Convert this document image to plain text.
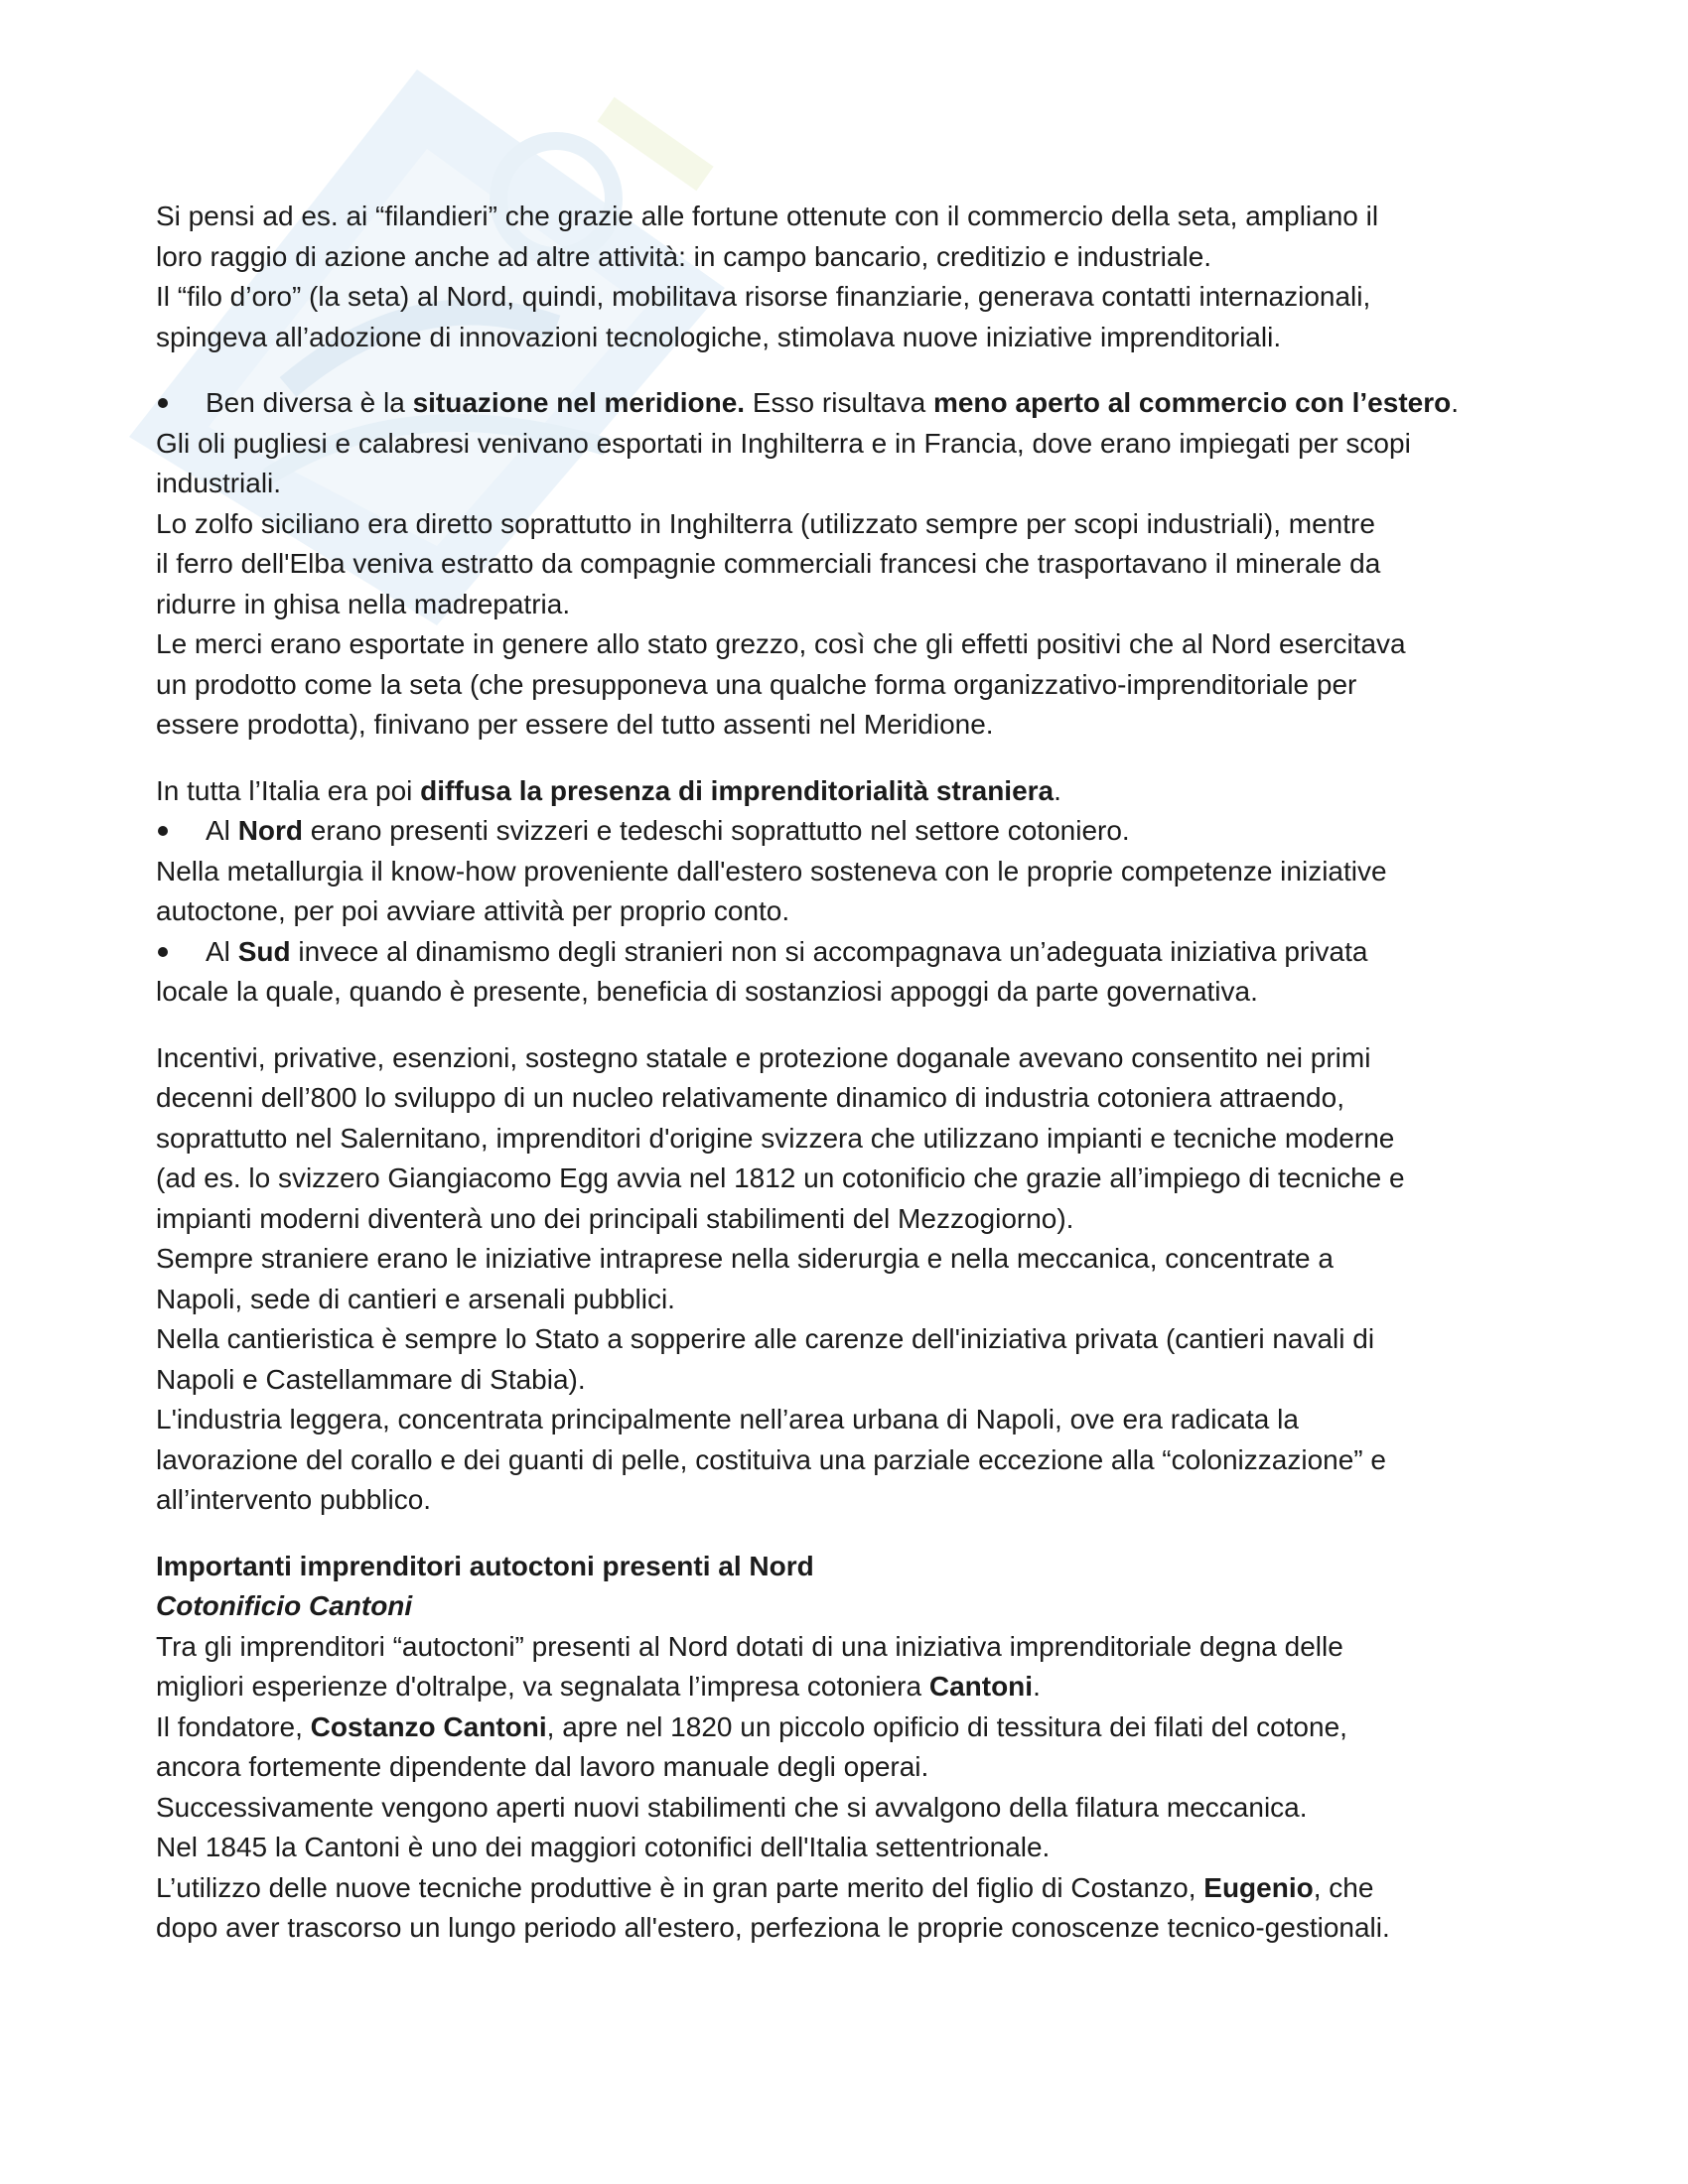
Si pensi ad es. ai “filandieri” che grazie alle fortune ottenute con il commercio della seta, ampliano il

loro raggio di azione anche ad altre attività: in campo bancario, creditizio e industriale.

Il “filo d’oro” (la seta) al Nord, quindi, mobilitava risorse finanziarie, generava contatti internazionali,

spingeva all’adozione di innovazioni tecnologiche, stimolava nuove iniziative imprenditoriali.

Ben diversa è la situazione nel meridione. Esso risultava meno aperto al commercio con l’estero.

Gli oli pugliesi e calabresi venivano esportati in Inghilterra e in Francia, dove erano impiegati per scopi

industriali.

Lo zolfo siciliano era diretto soprattutto in Inghilterra (utilizzato sempre per scopi industriali), mentre

il ferro dell'Elba veniva estratto da compagnie commerciali francesi che trasportavano il minerale da

ridurre in ghisa nella madrepatria.

Le merci erano esportate in genere allo stato grezzo, così che gli effetti positivi che al Nord esercitava

un prodotto come la seta (che presupponeva una qualche forma organizzativo-imprenditoriale per

essere prodotta), finivano per essere del tutto assenti nel Meridione.

In tutta l’Italia era poi diffusa la presenza di imprenditorialità straniera.

Al Nord erano presenti svizzeri e tedeschi soprattutto nel settore cotoniero.

Nella metallurgia il know-how proveniente dall'estero sosteneva con le proprie competenze iniziative

autoctone, per poi avviare attività per proprio conto.

Al Sud invece al dinamismo degli stranieri non si accompagnava un’adeguata iniziativa privata

locale la quale, quando è presente, beneficia di sostanziosi appoggi da parte governativa.

Incentivi, privative, esenzioni, sostegno statale e protezione doganale avevano consentito nei primi

decenni dell’800 lo sviluppo di un nucleo relativamente dinamico di industria cotoniera attraendo,

soprattutto nel Salernitano, imprenditori d'origine svizzera che utilizzano impianti e tecniche moderne

(ad es. lo svizzero Giangiacomo Egg avvia nel 1812 un cotonificio che grazie all’impiego di tecniche e

impianti moderni diventerà uno dei principali stabilimenti del Mezzogiorno).

Sempre straniere erano le iniziative intraprese nella siderurgia e nella meccanica, concentrate a

Napoli, sede di cantieri e arsenali pubblici.

Nella cantieristica è sempre lo Stato a sopperire alle carenze dell'iniziativa privata (cantieri navali di

Napoli e Castellammare di Stabia).

L'industria leggera, concentrata principalmente nell’area urbana di Napoli, ove era radicata la

lavorazione del corallo e dei guanti di pelle, costituiva una parziale eccezione alla “colonizzazione” e

all’intervento pubblico.

Importanti imprenditori autoctoni presenti al Nord

Cotonificio Cantoni

Tra gli imprenditori “autoctoni” presenti al Nord dotati di una iniziativa imprenditoriale degna delle

migliori esperienze d'oltralpe, va segnalata l’impresa cotoniera Cantoni.

Il fondatore, Costanzo Cantoni, apre nel 1820 un piccolo opificio di tessitura dei filati del cotone,

ancora fortemente dipendente dal lavoro manuale degli operai.

Successivamente vengono aperti nuovi stabilimenti che si avvalgono della filatura meccanica.

Nel 1845 la Cantoni è uno dei maggiori cotonifici dell'Italia settentrionale.

L’utilizzo delle nuove tecniche produttive è in gran parte merito del figlio di Costanzo, Eugenio, che

dopo aver trascorso un lungo periodo all'estero, perfeziona le proprie conoscenze tecnico-gestionali.
